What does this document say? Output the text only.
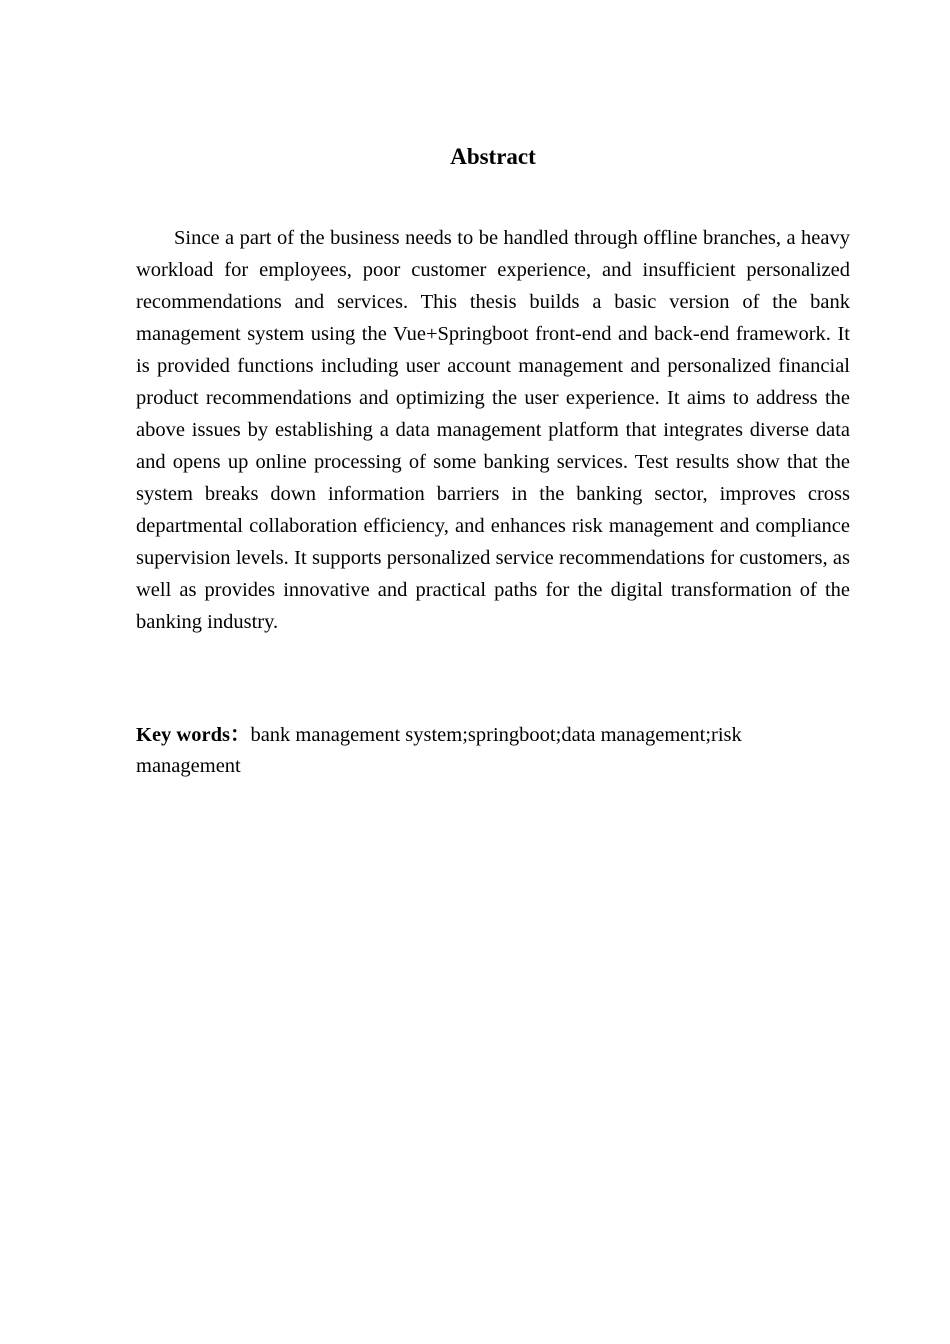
Abstract

Since a part of the business needs to be handled through offline branches, a heavy workload for employees, poor customer experience, and insufficient personalized recommendations and services. This thesis builds a basic version of the bank management system using the Vue+Springboot front-end and back-end framework. It is provided functions including user account management and personalized financial product recommendations and optimizing the user experience. It aims to address the above issues by establishing a data management platform that integrates diverse data and opens up online processing of some banking services. Test results show that the system breaks down information barriers in the banking sector, improves cross departmental collaboration efficiency, and enhances risk management and compliance supervision levels. It supports personalized service recommendations for customers, as well as provides innovative and practical paths for the digital transformation of the banking industry.

Key words：bank management system;springboot;data management;risk management
